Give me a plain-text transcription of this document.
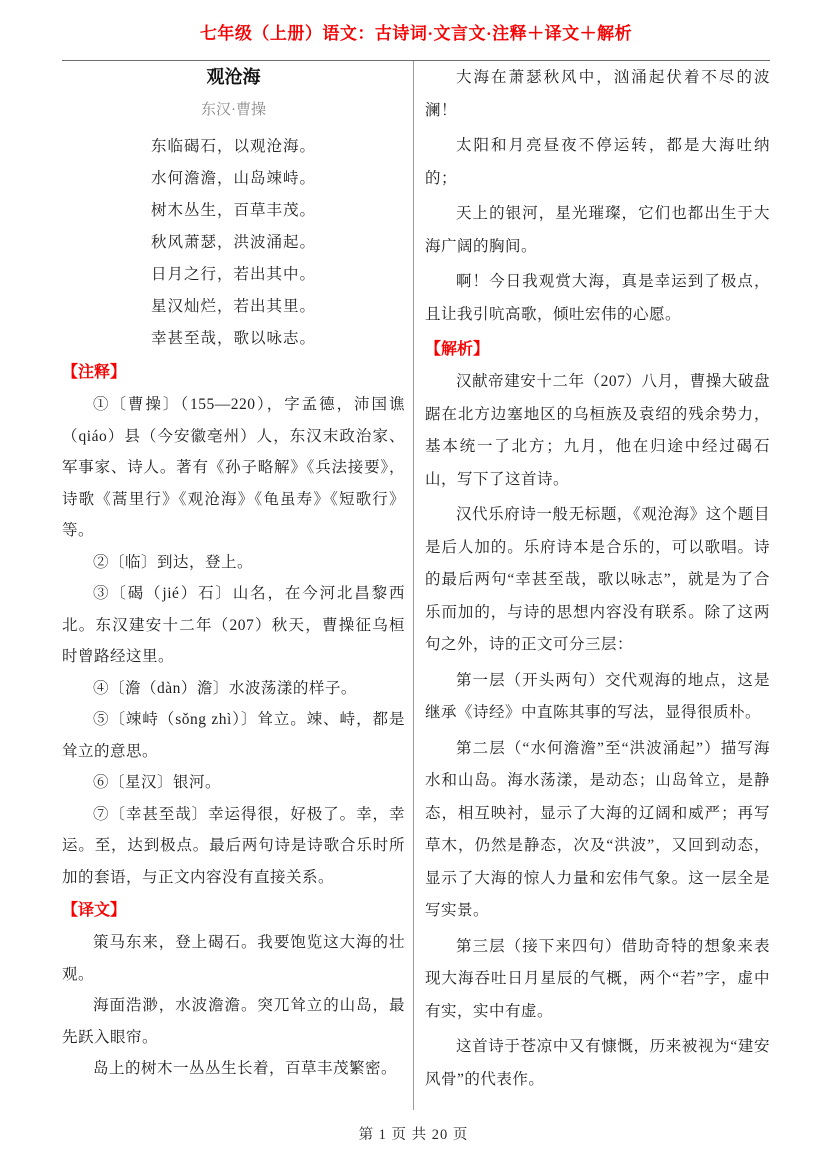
七年级（上册）语文：古诗词·文言文·注释＋译文＋解析
观沧海
东汉·曹操
东临碣石，以观沧海。
水何澹澹，山岛竦峙。
树木丛生，百草丰茂。
秋风萧瑟，洪波涌起。
日月之行，若出其中。
星汉灿烂，若出其里。
幸甚至哉，歌以咏志。
【注释】

①〔曹操〕（155—220），字孟德，沛国谯（qiáo）县（今安徽亳州）人，东汉末政治家、军事家、诗人。著有《孙子略解》《兵法接要》，诗歌《蒿里行》《观沧海》《龟虽寿》《短歌行》等。

②〔临〕到达，登上。

③〔碣（jié）石〕山名，在今河北昌黎西北。东汉建安十二年（207）秋天，曹操征乌桓时曾路经这里。

④〔澹（dàn）澹〕水波荡漾的样子。

⑤〔竦峙（sǒng zhì）〕耸立。竦、峙，都是耸立的意思。

⑥〔星汉〕银河。

⑦〔幸甚至哉〕幸运得很，好极了。幸，幸运。至，达到极点。最后两句诗是诗歌合乐时所加的套语，与正文内容没有直接关系。

【译文】

策马东来，登上碣石。我要饱览这大海的壮观。

海面浩渺，水波澹澹。突兀耸立的山岛，最先跃入眼帘。

岛上的树木一丛丛生长着，百草丰茂繁密。

大海在萧瑟秋风中，汹涌起伏着不尽的波澜！

太阳和月亮昼夜不停运转，都是大海吐纳的；

天上的银河，星光璀璨，它们也都出生于大海广阔的胸间。

啊！今日我观赏大海，真是幸运到了极点，且让我引吭高歌，倾吐宏伟的心愿。

【解析】

汉献帝建安十二年（207）八月，曹操大破盘踞在北方边塞地区的乌桓族及袁绍的残余势力，基本统一了北方；九月，他在归途中经过碣石山，写下了这首诗。

汉代乐府诗一般无标题，《观沧海》这个题目是后人加的。乐府诗本是合乐的，可以歌唱。诗的最后两句“幸甚至哉，歌以咏志”，就是为了合乐而加的，与诗的思想内容没有联系。除了这两句之外，诗的正文可分三层：

第一层（开头两句）交代观海的地点，这是继承《诗经》中直陈其事的写法，显得很质朴。

第二层（“水何澹澹”至“洪波涌起”）描写海水和山岛。海水荡漾，是动态；山岛耸立，是静态，相互映衬，显示了大海的辽阔和威严；再写草木，仍然是静态，次及“洪波”，又回到动态，显示了大海的惊人力量和宏伟气象。这一层全是写实景。

第三层（接下来四句）借助奇特的想象来表现大海吞吐日月星辰的气概，两个“若”字，虚中有实，实中有虚。

这首诗于苍凉中又有慷慨，历来被视为“建安风骨”的代表作。

第 1 页 共 20 页
